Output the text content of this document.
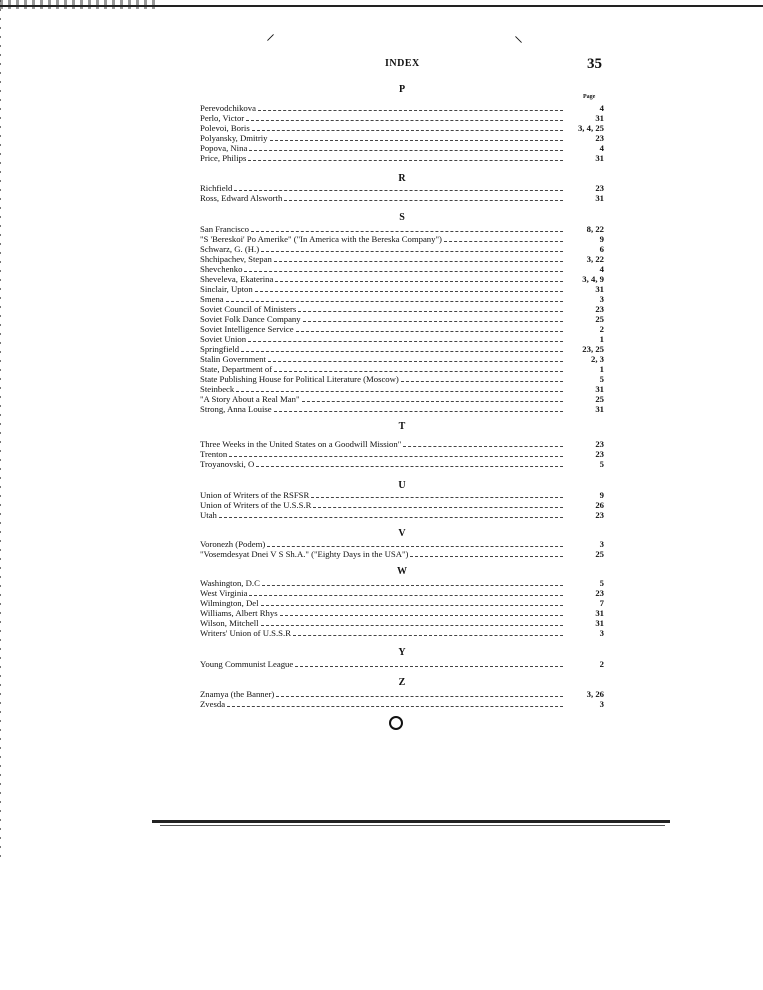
⸍	⸌
INDEX	35
Page
P
Perevodchikova	4
Perlo, Victor	31
Polevoi, Boris	3, 4, 25
Polyansky, Dmitriy	23
Popova, Nina	4
Price, Philips	31
R
Richfield	23
Ross, Edward Alsworth	31
S
San Francisco	8, 22
"S 'Bereskoi' Po Amerike" ("In America with the Bereska Company")	9
Schwarz, G. (H.)	6
Shchipachev, Stepan	3, 22
Shevchenko	4
Sheveleva, Ekaterina	3, 4, 9
Sinclair, Upton	31
Smena	3
Soviet Council of Ministers	23
Soviet Folk Dance Company	25
Soviet Intelligence Service	2
Soviet Union	1
Springfield	23, 25
Stalin Government	2, 3
State, Department of	1
State Publishing House for Political Literature (Moscow)	5
Steinbeck	31
"A Story About a Real Man"	25
Strong, Anna Louise	31
T
Three Weeks in the United States on a Goodwill Mission"	23
Trenton	23
Troyanovski, O	5
U
Union of Writers of the RSFSR	9
Union of Writers of the U.S.S.R	26
Utah	23
V
Voronezh (Podem)	3
"Vosemdesyat Dnei V S Sh.A." ("Eighty Days in the USA")	25
W
Washington, D.C	5
West Virginia	23
Wilmington, Del	7
Williams, Albert Rhys	31
Wilson, Mitchell	31
Writers' Union of U.S.S.R	3
Y
Young Communist League	2
Z
Znamya (the Banner)	3, 26
Zvesda	3
